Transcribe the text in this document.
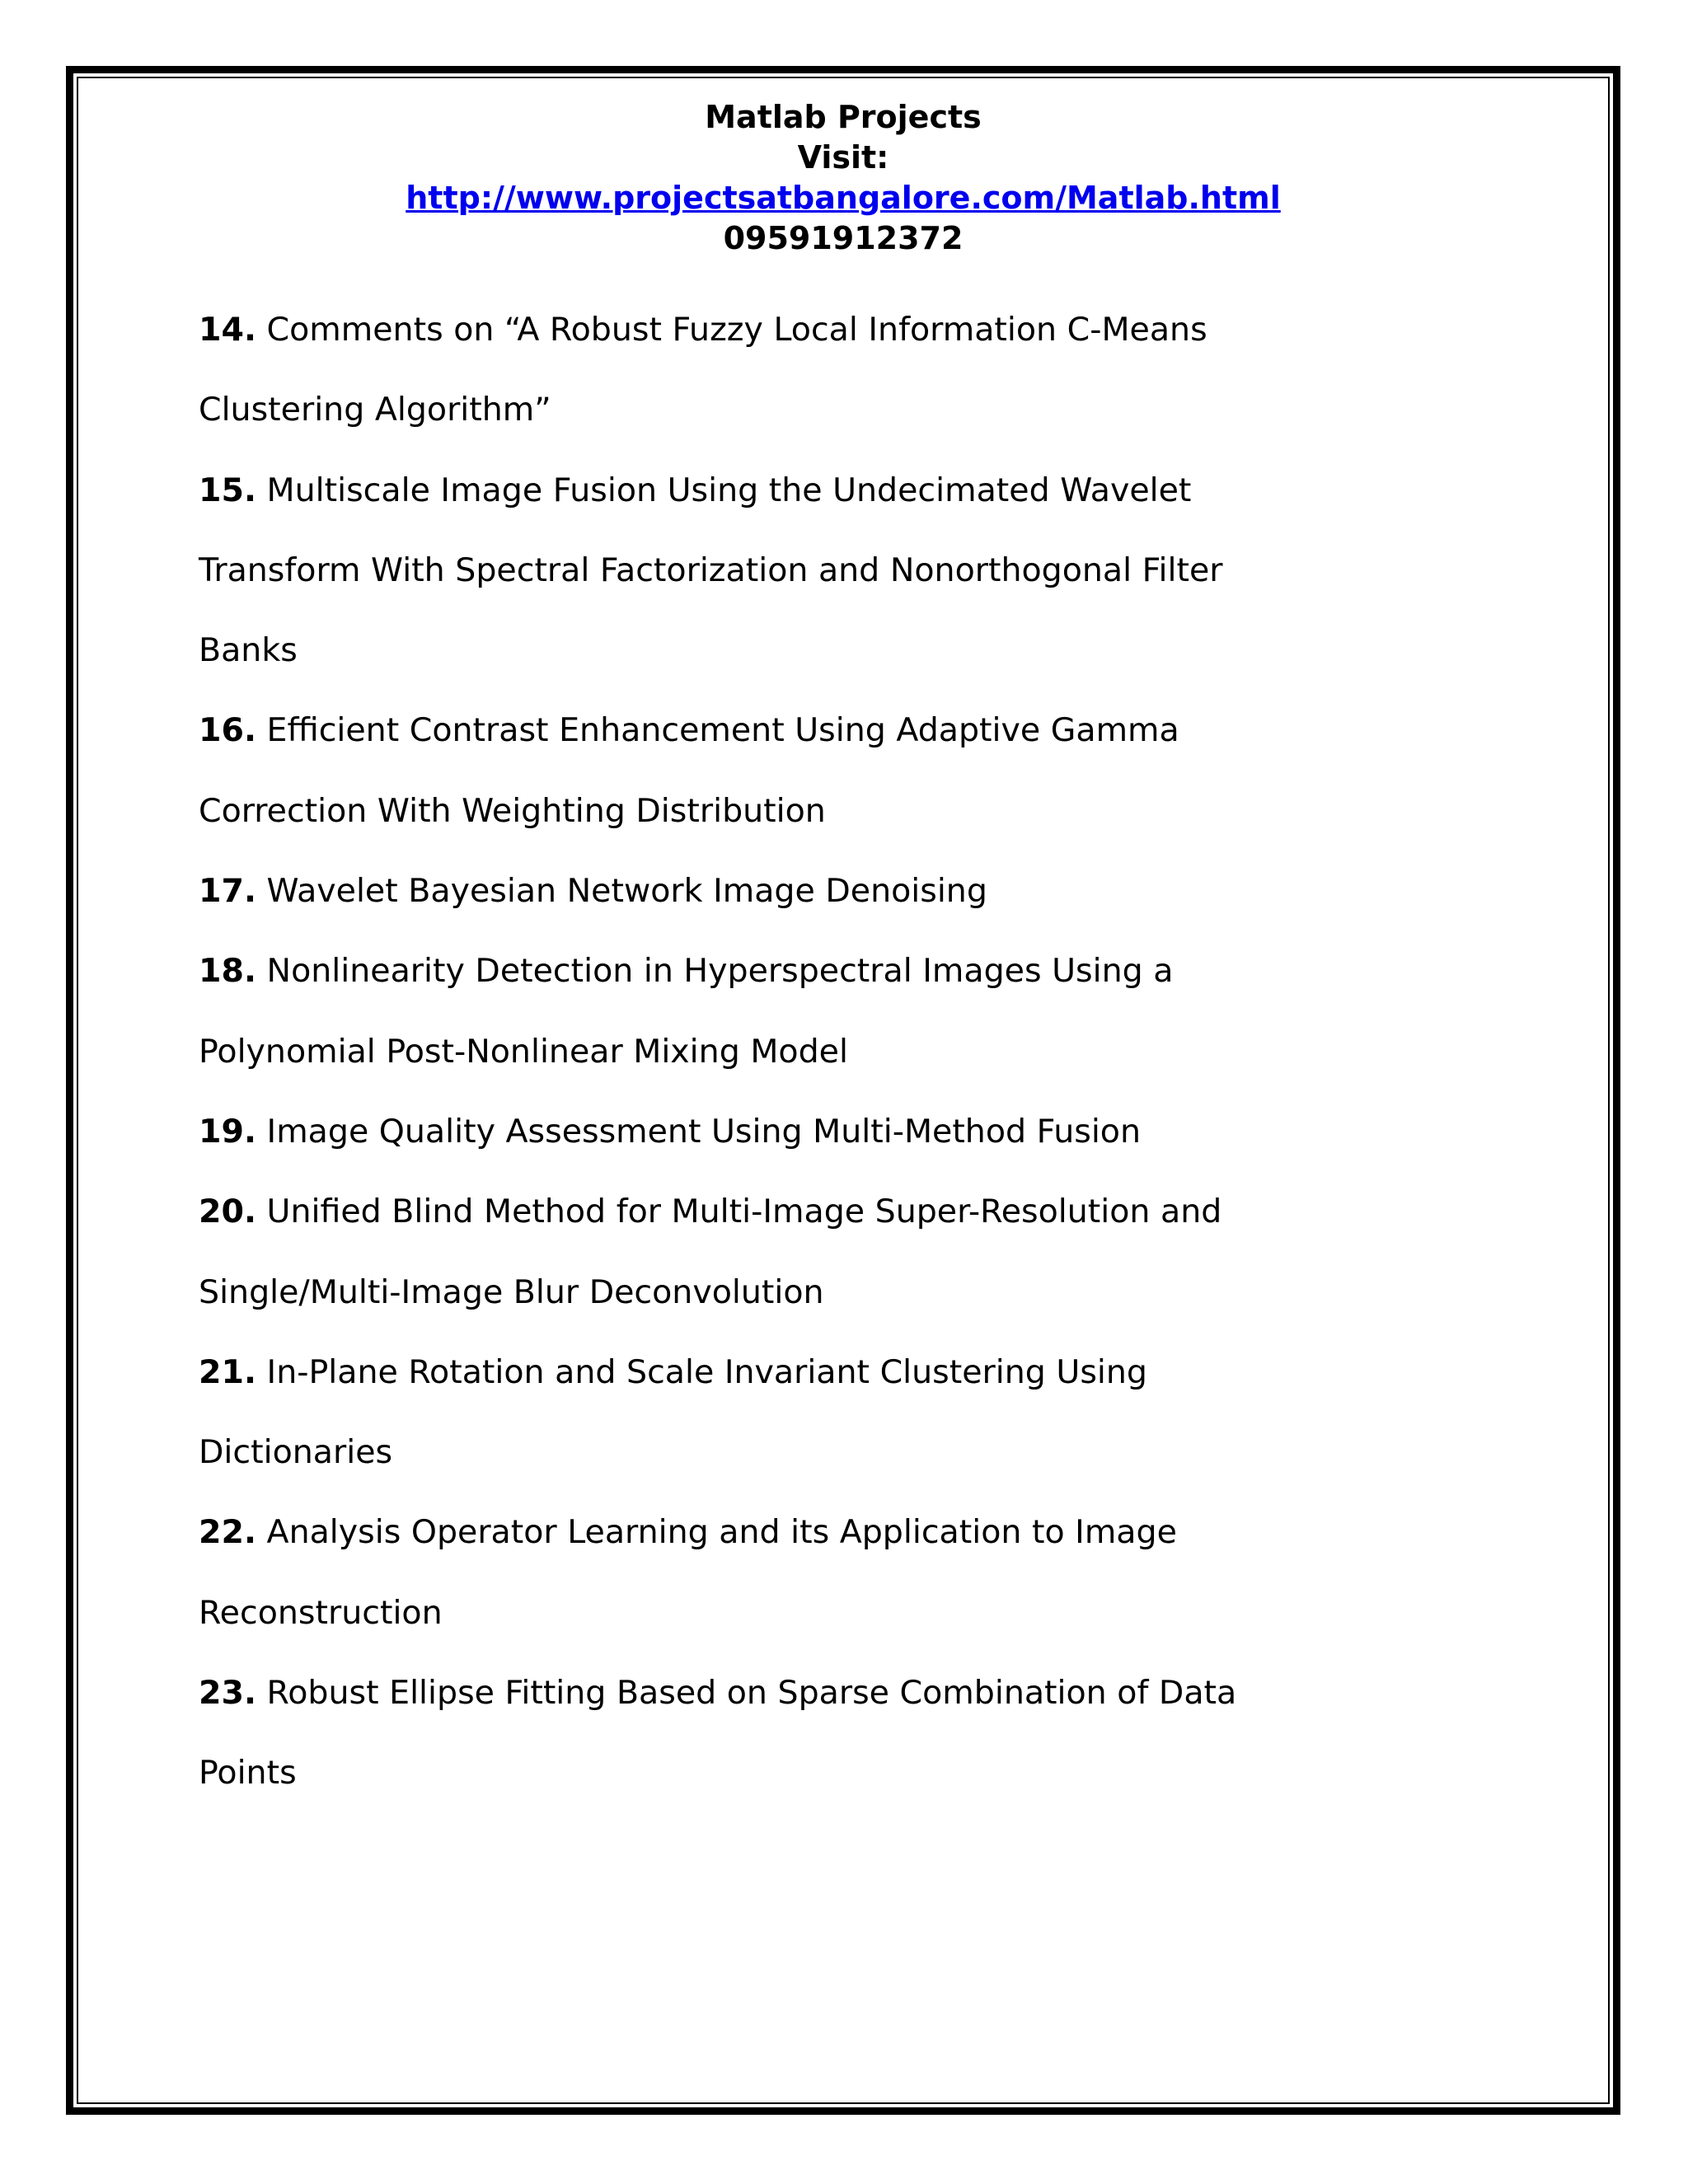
Matlab Projects
Visit:
http://www.projectsatbangalore.com/Matlab.html
09591912372
14. Comments on “A Robust Fuzzy Local Information C-Means
Clustering Algorithm”
15. Multiscale Image Fusion Using the Undecimated Wavelet
Transform With Spectral Factorization and Nonorthogonal Filter
Banks
16. Efficient Contrast Enhancement Using Adaptive Gamma
Correction With Weighting Distribution
17. Wavelet Bayesian Network Image Denoising
18. Nonlinearity Detection in Hyperspectral Images Using a
Polynomial Post-Nonlinear Mixing Model
19. Image Quality Assessment Using Multi-Method Fusion
20. Unified Blind Method for Multi-Image Super-Resolution and
Single/Multi-Image Blur Deconvolution
21. In-Plane Rotation and Scale Invariant Clustering Using
Dictionaries
22. Analysis Operator Learning and its Application to Image
Reconstruction
23. Robust Ellipse Fitting Based on Sparse Combination of Data
Points
